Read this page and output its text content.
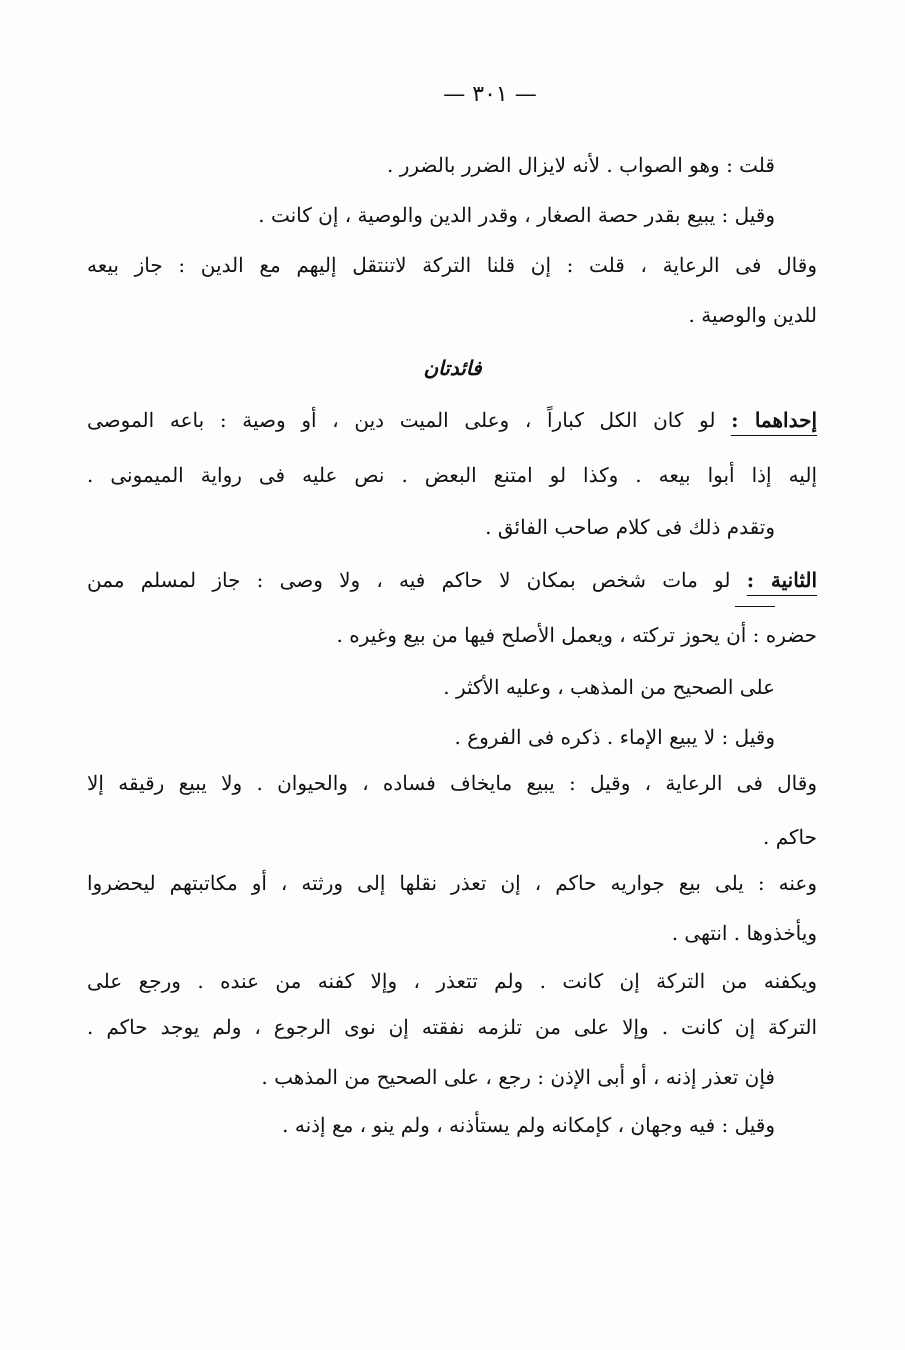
— ٣٠١ —
قلت : وهو الصواب . لأنه لايزال الضرر بالضرر .
وقيل : يبيع بقدر حصة الصغار ، وقدر الدين والوصية ، إن كانت .
وقال فى الرعاية ، قلت : إن قلنا التركة لاتنتقل إليهم مع الدين : جاز بيعه
للدين والوصية .
فائدتان
إحداهما : لو كان الكل كباراً ، وعلى الميت دين ، أو وصية : باعه الموصى
إليه إذا أبوا بيعه . وكذا لو امتنع البعض . نص عليه فى رواية الميمونى .
وتقدم ذلك فى كلام صاحب الفائق .
الثانية : لو مات شخص بمكان لا حاكم فيه ، ولا وصى : جاز لمسلم ممن
حضره : أن يحوز تركته ، ويعمل الأصلح فيها من بيع وغيره .
على الصحيح من المذهب ، وعليه الأكثر .
وقيل : لا يبيع الإماء . ذكره فى الفروع .
وقال فى الرعاية ، وقيل : يبيع مايخاف فساده ، والحيوان . ولا يبيع رقيقه إلا
حاكم .
وعنه : يلى بيع جواريه حاكم ، إن تعذر نقلها إلى ورثته ، أو مكاتبتهم ليحضروا
ويأخذوها . انتهى .
ويكفنه من التركة إن كانت . ولم تتعذر ، وإلا كفنه من عنده . ورجع على
التركة إن كانت . وإلا على من تلزمه نفقته إن نوى الرجوع ، ولم يوجد حاكم .
فإن تعذر إذنه ، أو أبى الإذن : رجع ، على الصحيح من المذهب .
وقيل : فيه وجهان ، كإمكانه ولم يستأذنه ، ولم ينو ، مع إذنه .
